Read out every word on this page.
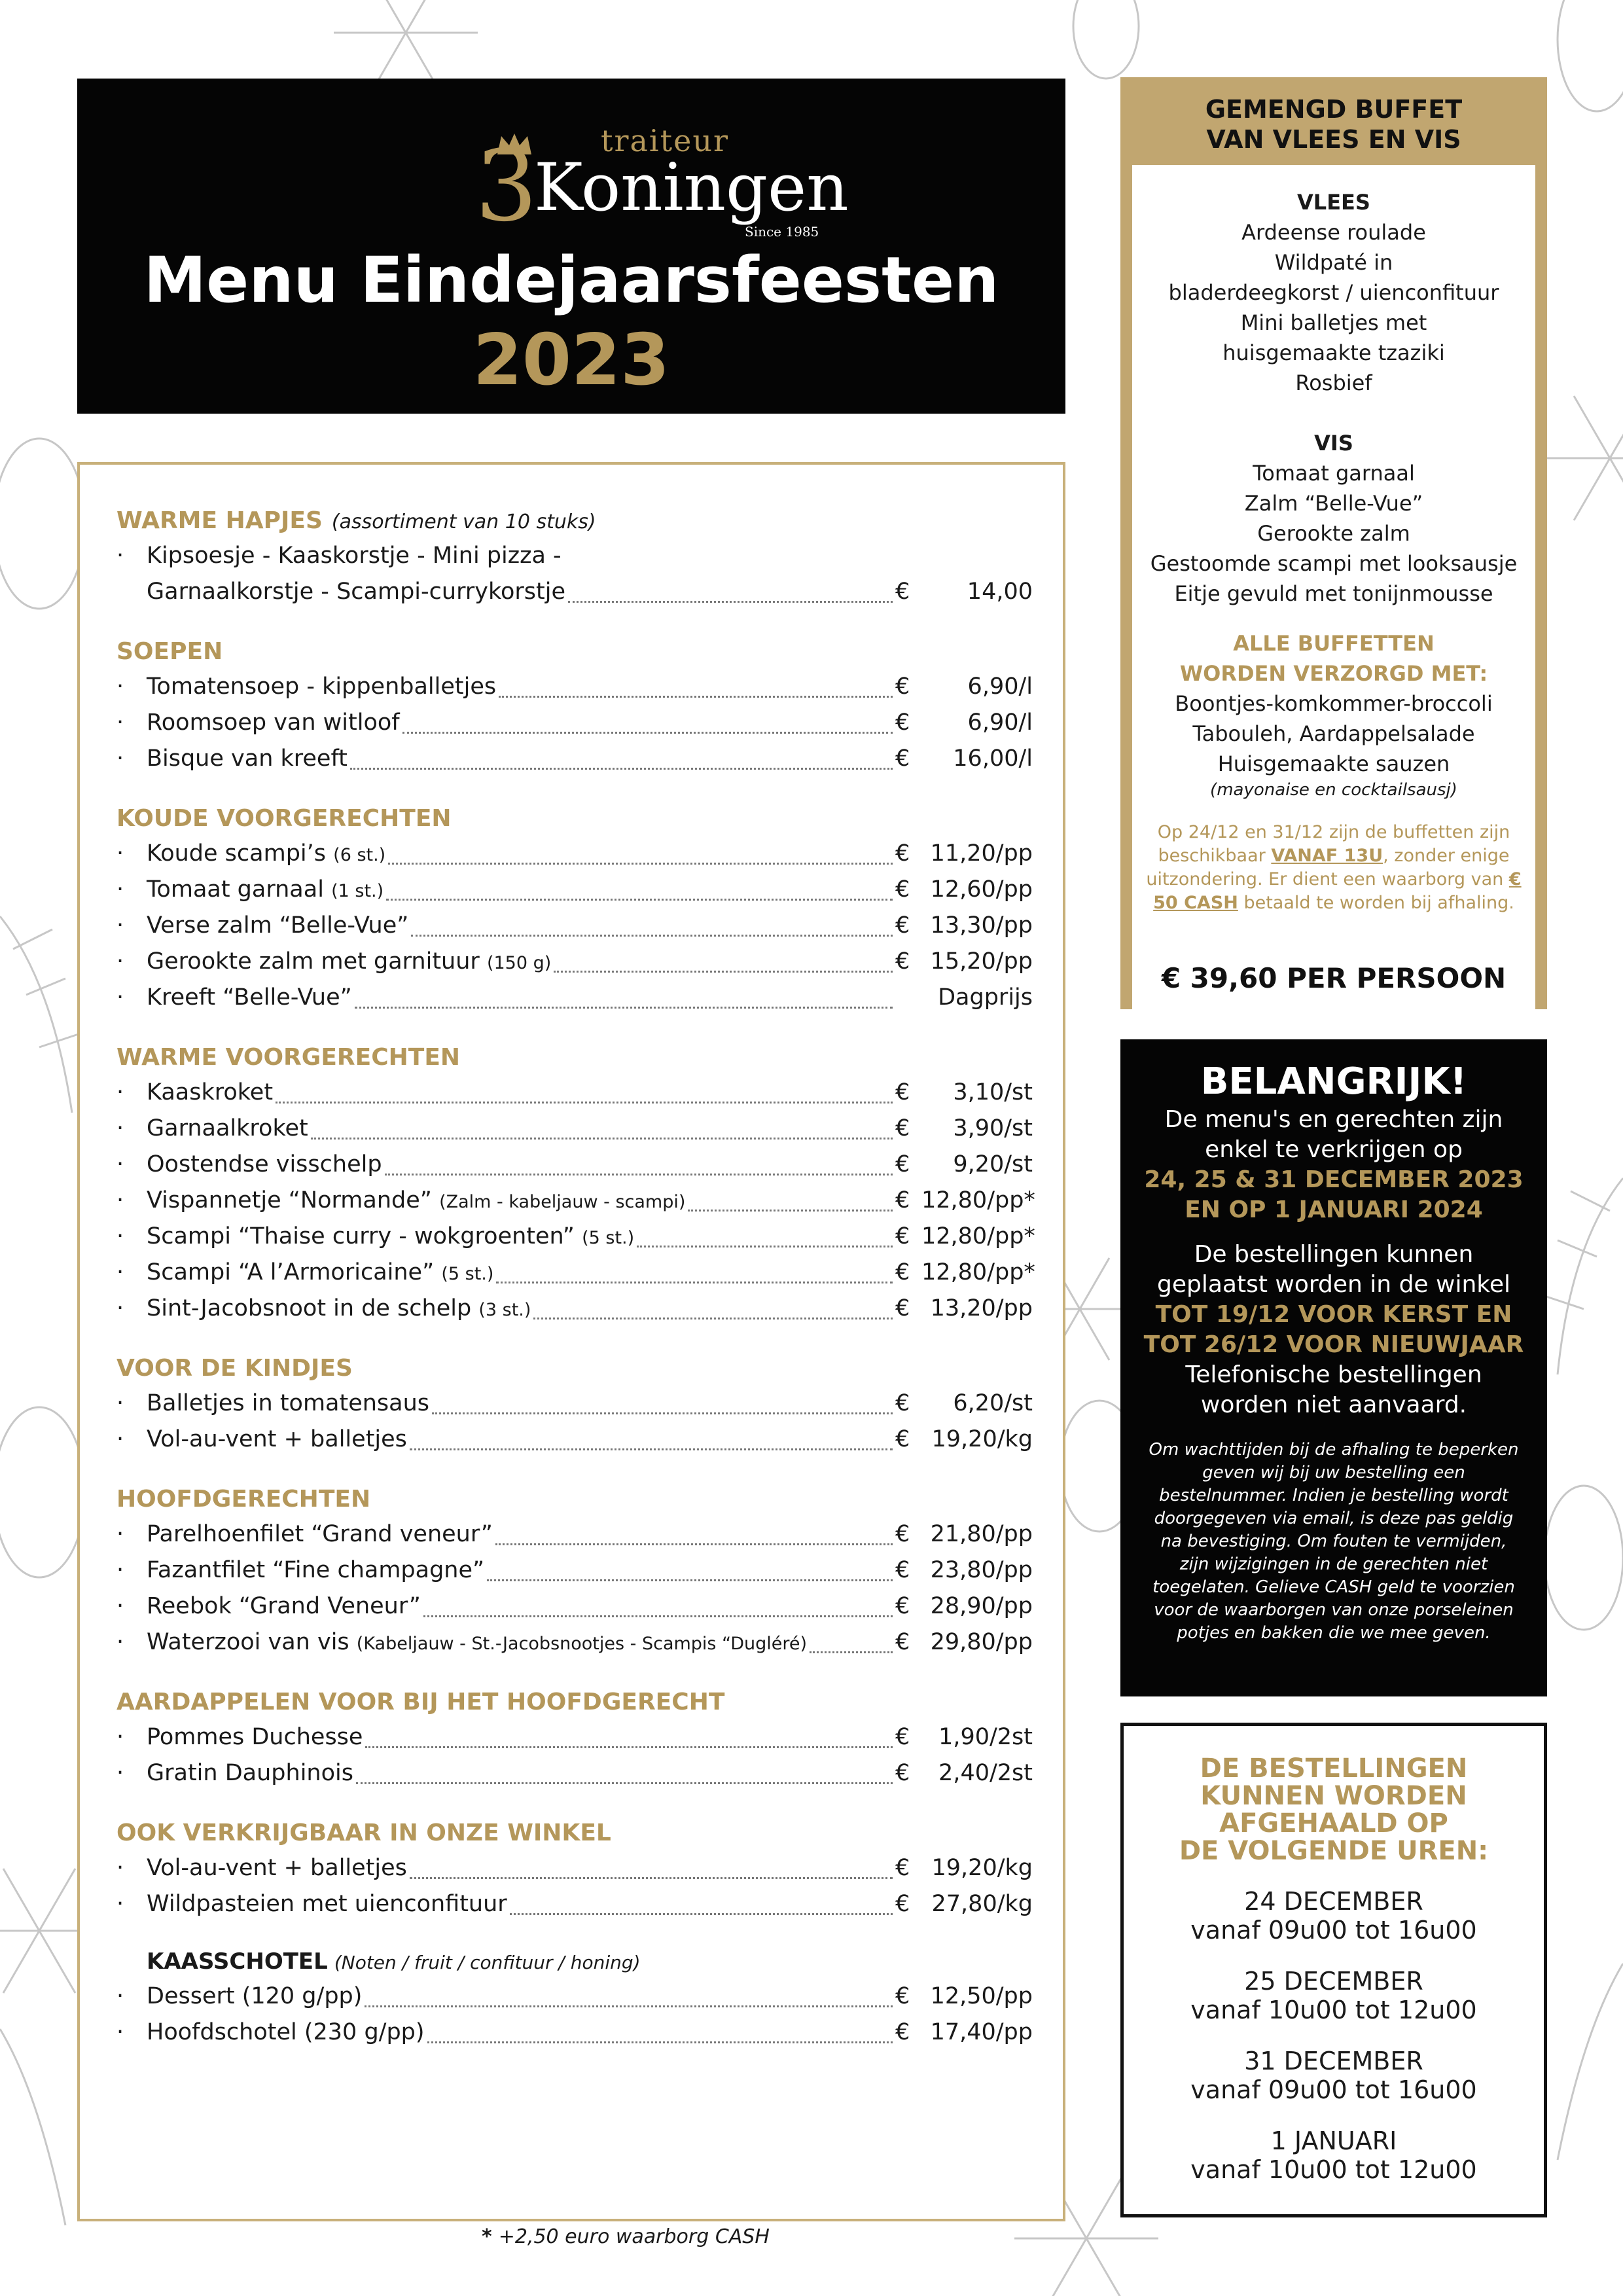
3 traiteur
Koningen
Since 1985
Menu Eindejaarsfeesten
2023
WARME HAPJES (assortiment van 10 stuks)
· Kipsoesje - Kaaskorstje - Mini pizza -
Garnaalkorstje - Scampi-currykorstje	€	14,00
SOEPEN
· Tomatensoep - kippenballetjes	€	6,90/l
· Roomsoep van witloof	€	6,90/l
· Bisque van kreeft	€	16,00/l
KOUDE VOORGERECHTEN
· Koude scampi’s (6 st.)	€ 11,20/pp
· Tomaat garnaal (1 st.)	€ 12,60/pp
· Verse zalm “Belle-Vue”	€ 13,30/pp
· Gerookte zalm met garnituur (150 g)	€ 15,20/pp
· Kreeft “Belle-Vue”	Dagprijs
WARME VOORGERECHTEN
· Kaaskroket	€	3,10/st
· Garnaalkroket	€	3,90/st
· Oostendse visschelp	€	9,20/st
· Vispannetje “Normande” (Zalm - kabeljauw - scampi)	€ 12,80/pp*
· Scampi “Thaise curry - wokgroenten” (5 st.)	€ 12,80/pp*
· Scampi “A l’Armoricaine” (5 st.)	€ 12,80/pp*
· Sint-Jacobsnoot in de schelp (3 st.)	€ 13,20/pp
VOOR DE KINDJES
· Balletjes in tomatensaus	€	6,20/st
· Vol-au-vent + balletjes	€ 19,20/kg
HOOFDGERECHTEN
· Parelhoenfilet “Grand veneur”	€ 21,80/pp
· Fazantfilet “Fine champagne”	€ 23,80/pp
· Reebok “Grand Veneur”	€ 28,90/pp
· Waterzooi van vis (Kabeljauw - St.-Jacobsnootjes - Scampis “Dugléré)	€ 29,80/pp
AARDAPPELEN VOOR BIJ HET HOOFDGERECHT
· Pommes Duchesse	€	1,90/2st
· Gratin Dauphinois	€	2,40/2st
OOK VERKRIJGBAAR IN ONZE WINKEL
· Vol-au-vent + balletjes	€ 19,20/kg
· Wildpasteien met uienconfituur	€ 27,80/kg
KAASSCHOTEL (Noten / fruit / confituur / honing)
· Dessert (120 g/pp)	€ 12,50/pp
· Hoofdschotel (230 g/pp)	€ 17,40/pp
* +2,50 euro waarborg CASH
GEMENGD BUFFET
VAN VLEES EN VIS
VLEES
Ardeense roulade
Wildpaté in
bladerdeegkorst / uienconfituur
Mini balletjes met
huisgemaakte tzaziki
Rosbief
VIS
Tomaat garnaal
Zalm “Belle-Vue”
Gerookte zalm
Gestoomde scampi met looksausje
Eitje gevuld met tonijnmousse
ALLE BUFFETTEN
WORDEN VERZORGD MET:
Boontjes-komkommer-broccoli
Tabouleh, Aardappelsalade
Huisgemaakte sauzen
(mayonaise en cocktailsausj)
Op 24/12 en 31/12 zijn de buffetten zijn beschikbaar VANAF 13U, zonder enige uitzondering. Er dient een waarborg van € 50 CASH betaald te worden bij afhaling.
€ 39,60 PER PERSOON
BELANGRIJK!
De menu's en gerechten zijn
enkel te verkrijgen op
24, 25 & 31 DECEMBER 2023
EN OP 1 JANUARI 2024
De bestellingen kunnen
geplaatst worden in de winkel
TOT 19/12 VOOR KERST EN
TOT 26/12 VOOR NIEUWJAAR
Telefonische bestellingen
worden niet aanvaard.
Om wachttijden bij de afhaling te beperken geven wij bij uw bestelling een bestelnummer. Indien je bestelling wordt doorgegeven via email, is deze pas geldig na bevestiging. Om fouten te vermijden, zijn wijzigingen in de gerechten niet toegelaten. Gelieve CASH geld te voorzien voor de waarborgen van onze porseleinen potjes en bakken die we mee geven.
DE BESTELLINGEN
KUNNEN WORDEN
AFGEHAALD OP
DE VOLGENDE UREN:
24 DECEMBER
vanaf 09u00 tot 16u00
25 DECEMBER
vanaf 10u00 tot 12u00
31 DECEMBER
vanaf 09u00 tot 16u00
1 JANUARI
vanaf 10u00 tot 12u00
